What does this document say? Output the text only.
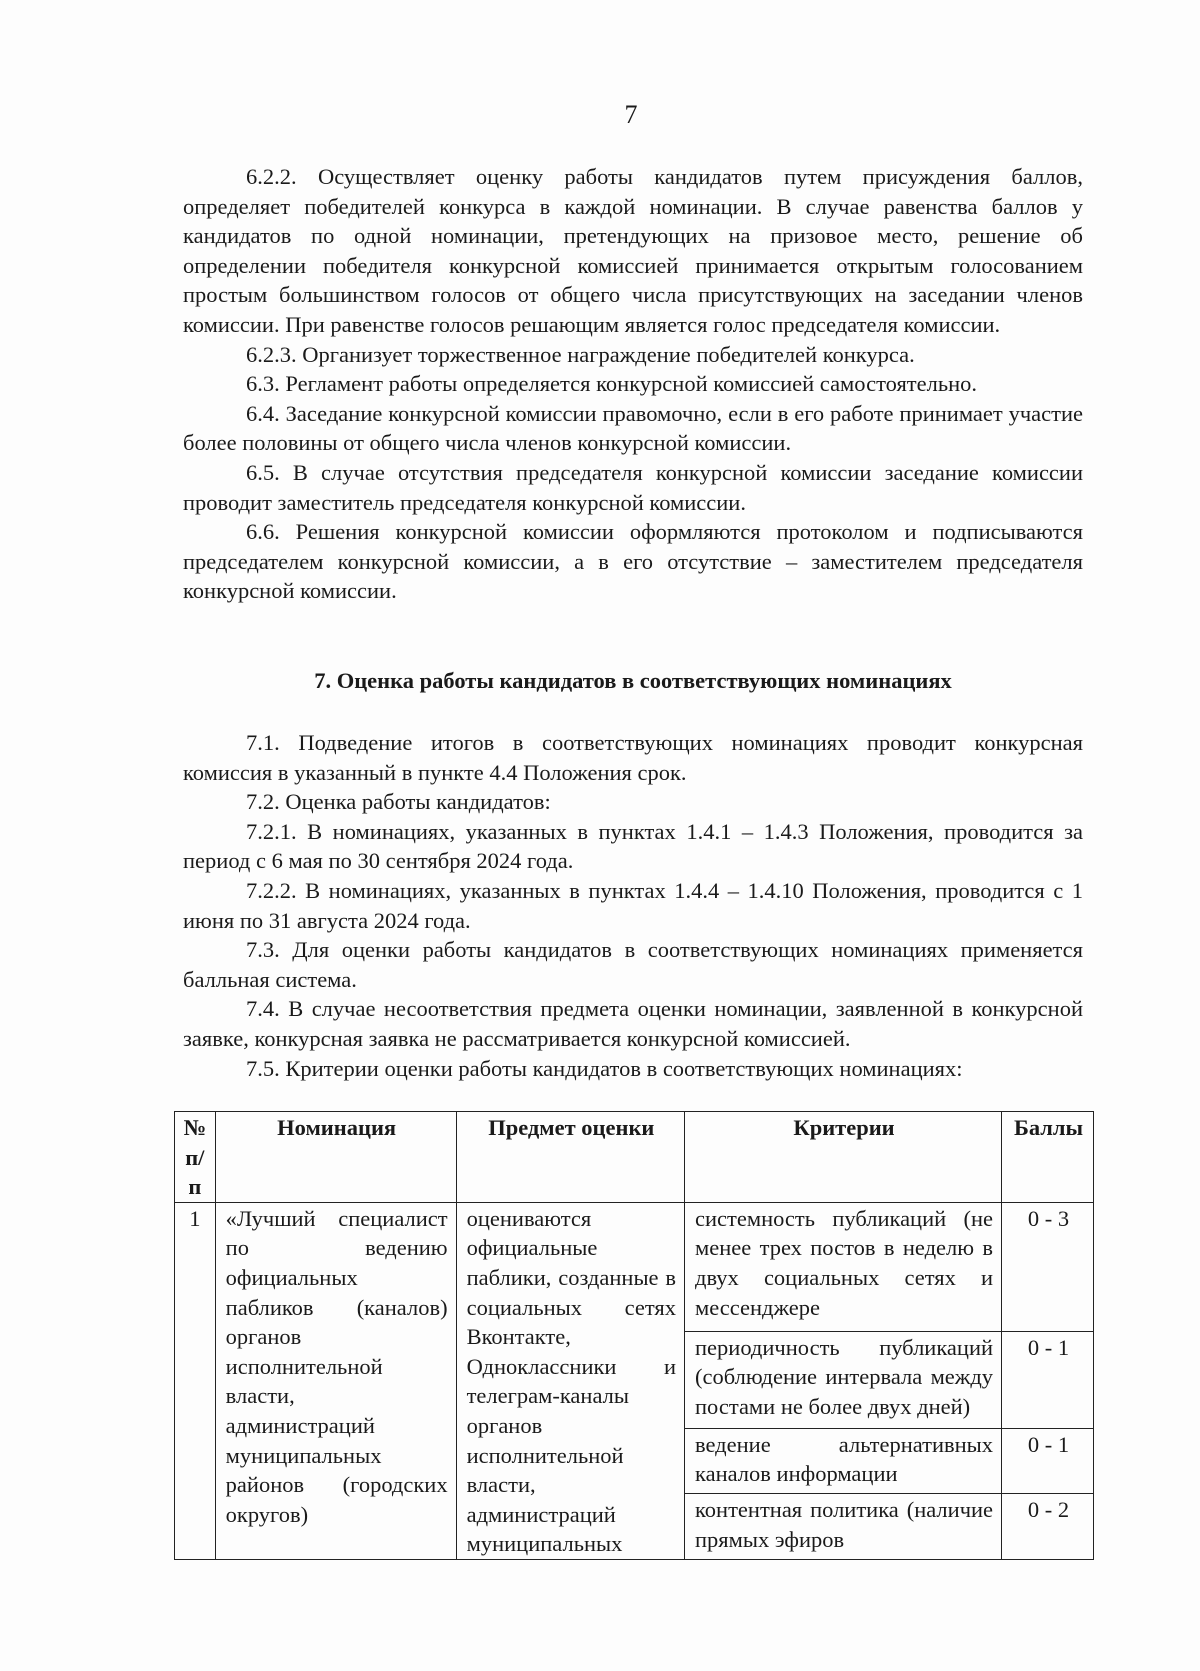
7

6.2.2. Осуществляет оценку работы кандидатов путем присуждения баллов, определяет победителей конкурса в каждой номинации. В случае равенства баллов у кандидатов по одной номинации, претендующих на призовое место, решение об определении победителя конкурсной комиссией принимается открытым голосованием простым большинством голосов от общего числа присутствующих на заседании членов комиссии. При равенстве голосов решающим является голос председателя комиссии.

6.2.3. Организует торжественное награждение победителей конкурса.

6.3. Регламент работы определяется конкурсной комиссией самостоятельно.

6.4. Заседание конкурсной комиссии правомочно, если в его работе принимает участие более половины от общего числа членов конкурсной комиссии.

6.5. В случае отсутствия председателя конкурсной комиссии заседание комиссии проводит заместитель председателя конкурсной комиссии.

6.6. Решения конкурсной комиссии оформляются протоколом и подписываются председателем конкурсной комиссии, а в его отсутствие – заместителем председателя конкурсной комиссии.

7. Оценка работы кандидатов в соответствующих номинациях

7.1. Подведение итогов в соответствующих номинациях проводит конкурсная комиссия в указанный в пункте 4.4 Положения срок.

7.2. Оценка работы кандидатов:

7.2.1. В номинациях, указанных в пунктах 1.4.1 – 1.4.3 Положения, проводится за период с 6 мая по 30 сентября 2024 года.

7.2.2. В номинациях, указанных в пунктах 1.4.4 – 1.4.10 Положения, проводится с 1 июня по 31 августа 2024 года.

7.3. Для оценки работы кандидатов в соответствующих номинациях применяется балльная система.

7.4. В случае несоответствия предмета оценки номинации, заявленной в конкурсной заявке, конкурсная заявка не рассматривается конкурсной комиссией.

7.5. Критерии оценки работы кандидатов в соответствующих номинациях:

№ п/п	Номинация	Предмет оценки	Критерии	Баллы
1	«Лучший специалист по ведению официальных пабликов (каналов) органов исполнительной власти, администраций муниципальных районов (городских округов)	оцениваются официальные паблики, созданные в социальных сетях Вконтакте, Одноклассники и телеграм-каналы органов исполнительной власти, администраций муниципальных	системность публикаций (не менее трех постов в неделю в двух социальных сетях и мессенджере	0 - 3
			периодичность публикаций (соблюдение интервала между постами не более двух дней)	0 - 1
			ведение альтернативных каналов информации	0 - 1
			контентная политика (наличие прямых эфиров	0 - 2
